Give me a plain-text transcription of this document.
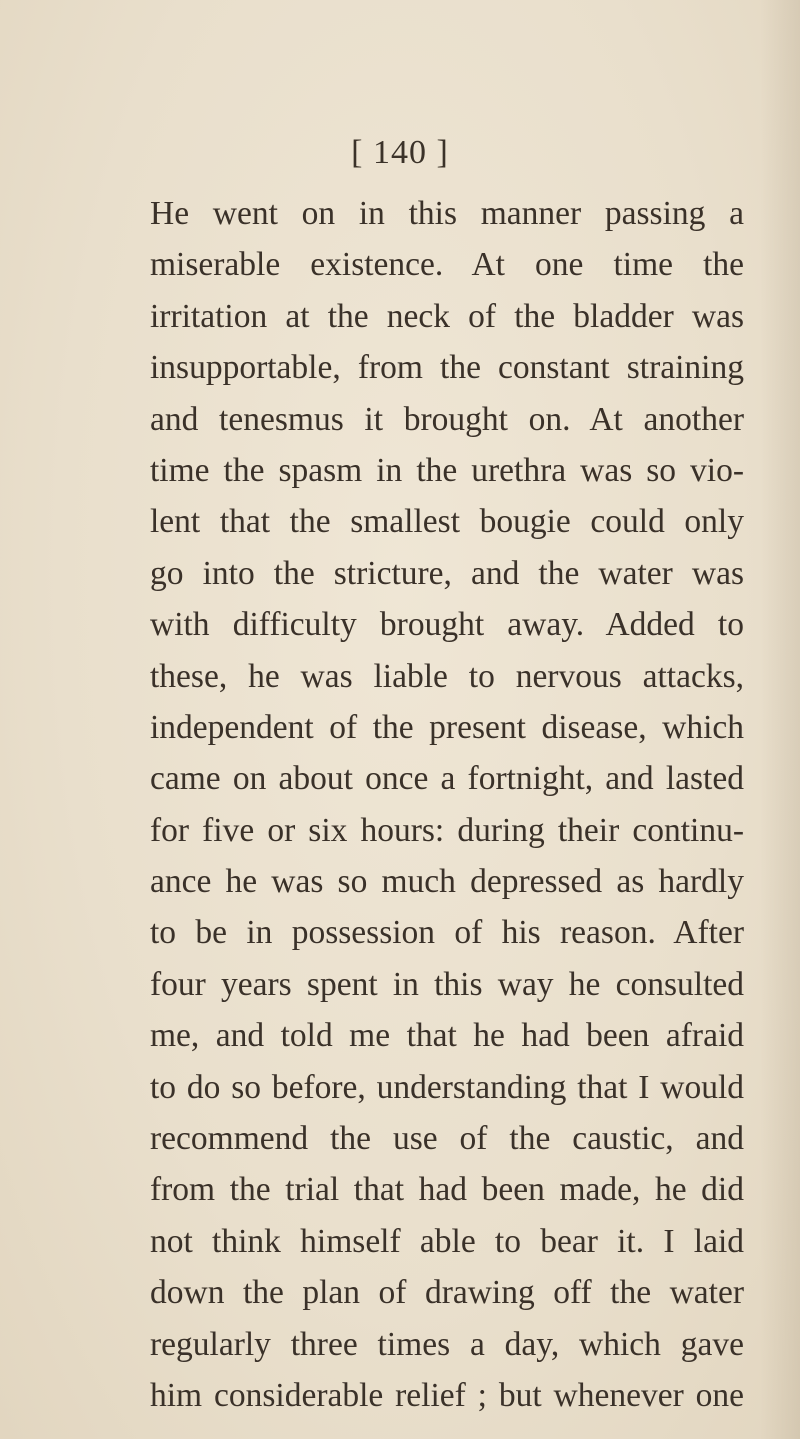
[ 140 ]
He went on in this manner passing a
miserable existence. At one time the
irritation at the neck of the bladder was
insupportable, from the constant straining
and tenesmus it brought on. At another
time the spasm in the urethra was so vio-
lent that the smallest bougie could only
go into the stricture, and the water was
with difficulty brought away. Added to
these, he was liable to nervous attacks,
independent of the present disease, which
came on about once a fortnight, and lasted
for five or six hours: during their continu-
ance he was so much depressed as hardly
to be in possession of his reason. After
four years spent in this way he consulted
me, and told me that he had been afraid
to do so before, understanding that I would
recommend the use of the caustic, and
from the trial that had been made, he did
not think himself able to bear it. I laid
down the plan of drawing off the water
regularly three times a day, which gave
him considerable relief ; but whenever one
